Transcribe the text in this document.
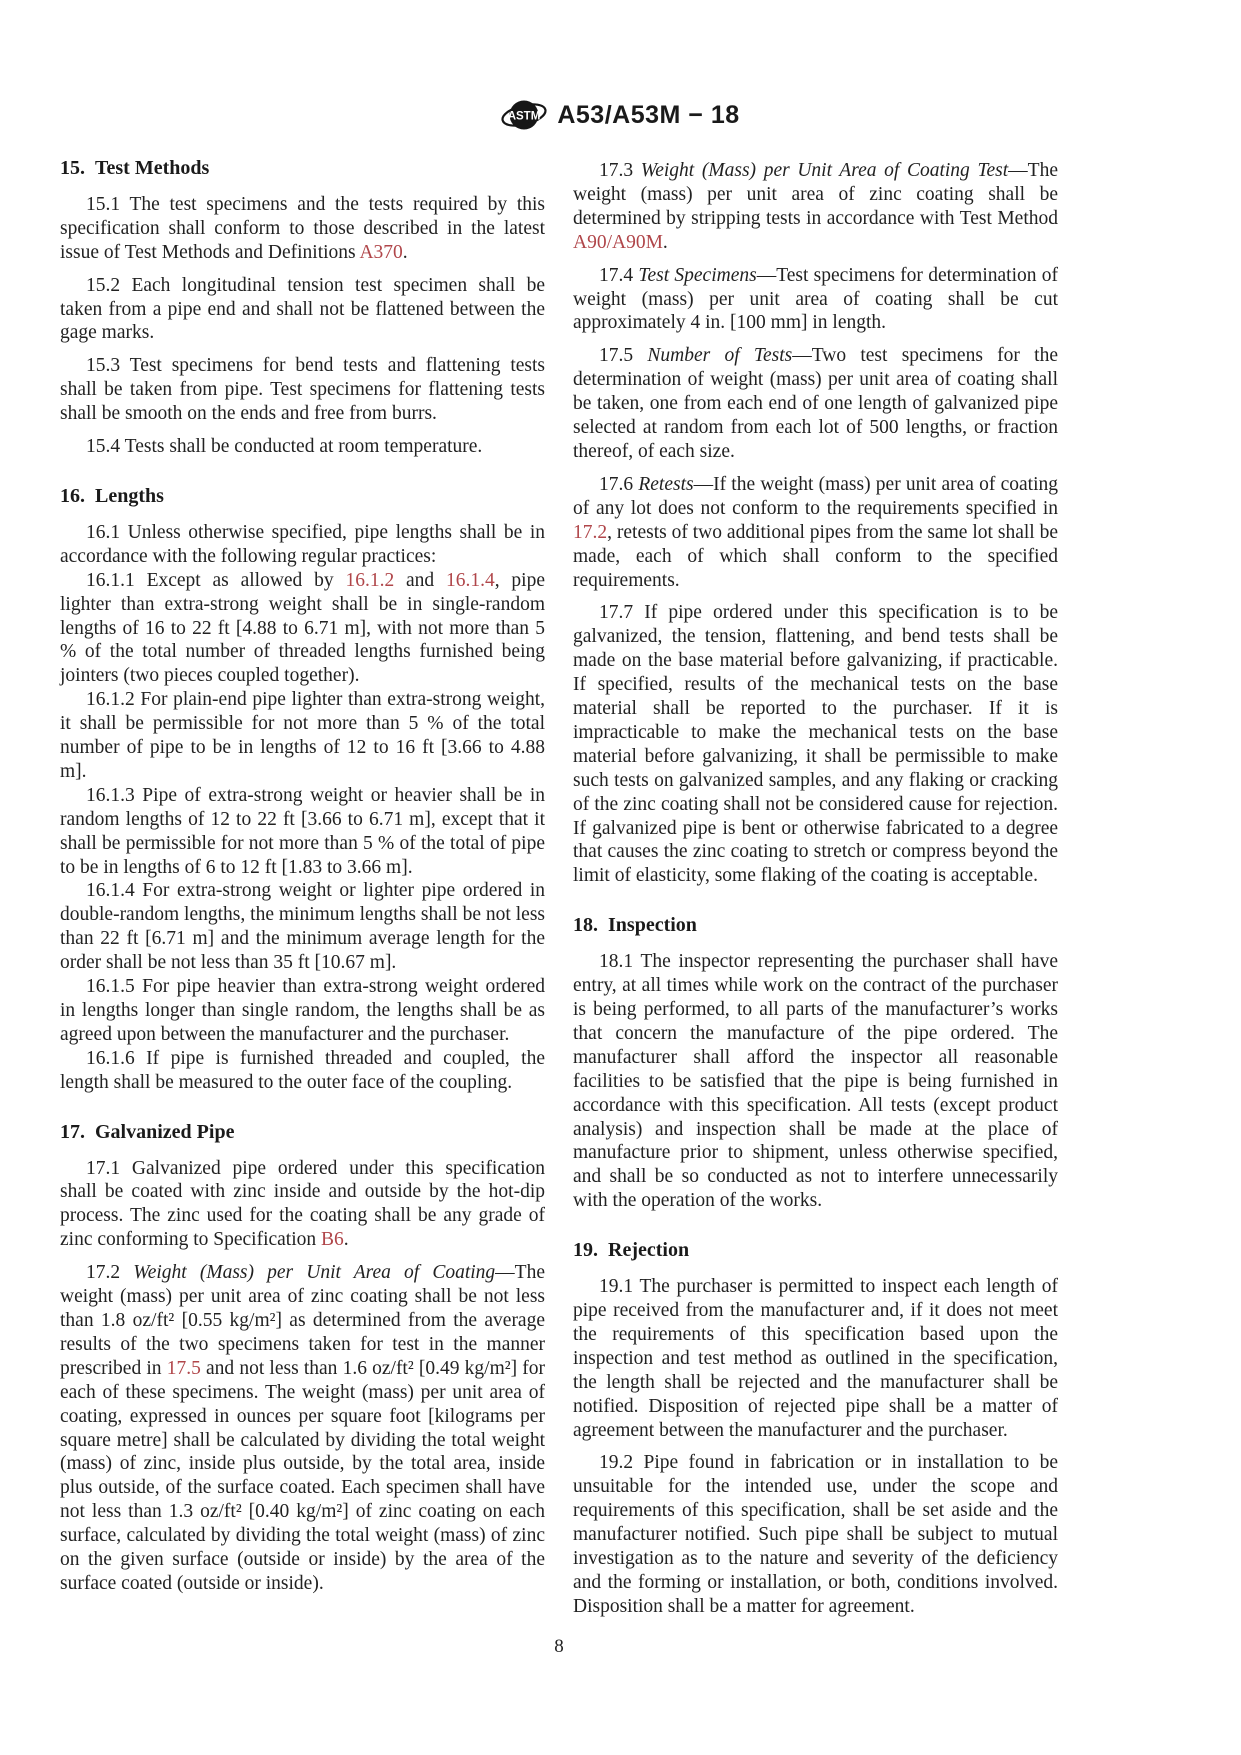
ASTM A53/A53M − 18
15. Test Methods

15.1 The test specimens and the tests required by this specification shall conform to those described in the latest issue of Test Methods and Definitions A370.

15.2 Each longitudinal tension test specimen shall be taken from a pipe end and shall not be flattened between the gage marks.

15.3 Test specimens for bend tests and flattening tests shall be taken from pipe. Test specimens for flattening tests shall be smooth on the ends and free from burrs.

15.4 Tests shall be conducted at room temperature.

16. Lengths

16.1 Unless otherwise specified, pipe lengths shall be in accordance with the following regular practices:

16.1.1 Except as allowed by 16.1.2 and 16.1.4, pipe lighter than extra-strong weight shall be in single-random lengths of 16 to 22 ft [4.88 to 6.71 m], with not more than 5 % of the total number of threaded lengths furnished being jointers (two pieces coupled together).

16.1.2 For plain-end pipe lighter than extra-strong weight, it shall be permissible for not more than 5 % of the total number of pipe to be in lengths of 12 to 16 ft [3.66 to 4.88 m].

16.1.3 Pipe of extra-strong weight or heavier shall be in random lengths of 12 to 22 ft [3.66 to 6.71 m], except that it shall be permissible for not more than 5 % of the total of pipe to be in lengths of 6 to 12 ft [1.83 to 3.66 m].

16.1.4 For extra-strong weight or lighter pipe ordered in double-random lengths, the minimum lengths shall be not less than 22 ft [6.71 m] and the minimum average length for the order shall be not less than 35 ft [10.67 m].

16.1.5 For pipe heavier than extra-strong weight ordered in lengths longer than single random, the lengths shall be as agreed upon between the manufacturer and the purchaser.

16.1.6 If pipe is furnished threaded and coupled, the length shall be measured to the outer face of the coupling.

17. Galvanized Pipe

17.1 Galvanized pipe ordered under this specification shall be coated with zinc inside and outside by the hot-dip process. The zinc used for the coating shall be any grade of zinc conforming to Specification B6.

17.2 Weight (Mass) per Unit Area of Coating—The weight (mass) per unit area of zinc coating shall be not less than 1.8 oz/ft² [0.55 kg/m²] as determined from the average results of the two specimens taken for test in the manner prescribed in 17.5 and not less than 1.6 oz/ft² [0.49 kg/m²] for each of these specimens. The weight (mass) per unit area of coating, expressed in ounces per square foot [kilograms per square metre] shall be calculated by dividing the total weight (mass) of zinc, inside plus outside, by the total area, inside plus outside, of the surface coated. Each specimen shall have not less than 1.3 oz/ft² [0.40 kg/m²] of zinc coating on each surface, calculated by dividing the total weight (mass) of zinc on the given surface (outside or inside) by the area of the surface coated (outside or inside).

17.3 Weight (Mass) per Unit Area of Coating Test—The weight (mass) per unit area of zinc coating shall be determined by stripping tests in accordance with Test Method A90/A90M.

17.4 Test Specimens—Test specimens for determination of weight (mass) per unit area of coating shall be cut approximately 4 in. [100 mm] in length.

17.5 Number of Tests—Two test specimens for the determination of weight (mass) per unit area of coating shall be taken, one from each end of one length of galvanized pipe selected at random from each lot of 500 lengths, or fraction thereof, of each size.

17.6 Retests—If the weight (mass) per unit area of coating of any lot does not conform to the requirements specified in 17.2, retests of two additional pipes from the same lot shall be made, each of which shall conform to the specified requirements.

17.7 If pipe ordered under this specification is to be galvanized, the tension, flattening, and bend tests shall be made on the base material before galvanizing, if practicable. If specified, results of the mechanical tests on the base material shall be reported to the purchaser. If it is impracticable to make the mechanical tests on the base material before galvanizing, it shall be permissible to make such tests on galvanized samples, and any flaking or cracking of the zinc coating shall not be considered cause for rejection. If galvanized pipe is bent or otherwise fabricated to a degree that causes the zinc coating to stretch or compress beyond the limit of elasticity, some flaking of the coating is acceptable.

18. Inspection

18.1 The inspector representing the purchaser shall have entry, at all times while work on the contract of the purchaser is being performed, to all parts of the manufacturer’s works that concern the manufacture of the pipe ordered. The manufacturer shall afford the inspector all reasonable facilities to be satisfied that the pipe is being furnished in accordance with this specification. All tests (except product analysis) and inspection shall be made at the place of manufacture prior to shipment, unless otherwise specified, and shall be so conducted as not to interfere unnecessarily with the operation of the works.

19. Rejection

19.1 The purchaser is permitted to inspect each length of pipe received from the manufacturer and, if it does not meet the requirements of this specification based upon the inspection and test method as outlined in the specification, the length shall be rejected and the manufacturer shall be notified. Disposition of rejected pipe shall be a matter of agreement between the manufacturer and the purchaser.

19.2 Pipe found in fabrication or in installation to be unsuitable for the intended use, under the scope and requirements of this specification, shall be set aside and the manufacturer notified. Such pipe shall be subject to mutual investigation as to the nature and severity of the deficiency and the forming or installation, or both, conditions involved. Disposition shall be a matter for agreement.

8
